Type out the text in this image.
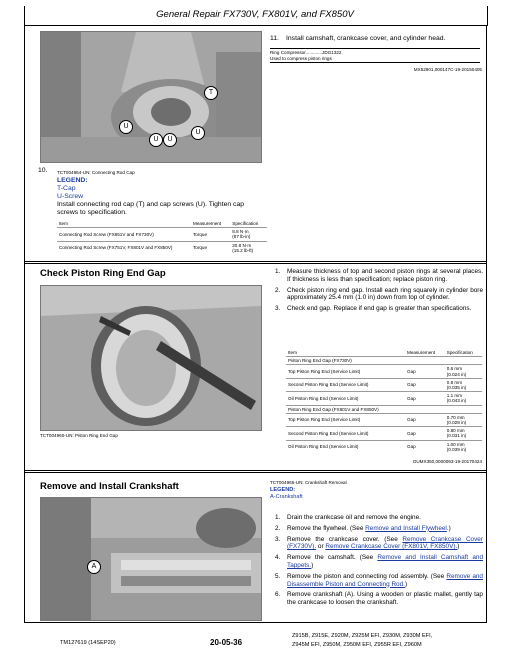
General Repair FX730V, FX801V, and FX850V
T
U
U	U
U
10. TCT004964-UN: Connecting Rod Cap
LEGEND:
T-Cap
U-Screw
Install connecting rod cap (T) and cap screws (U). Tighten cap screws to specification.
Item	Measurement	Specification
Connecting Rod Screw (FX851V and FX730V)	Torque	8.8 N·m
(87 lb-in)

Connecting Rod Screw (FX751V, FX801V and FX850V)	Torque	20.8 N·m
(15.2 lb-ft)
11. Install camshaft, crankcase cover, and cylinder head.
Ring Compressor.............JDG1322
Used to compress piston rings
MX52901,000147C-19-20150405
Check Piston Ring End Gap
TCT004960-UN: Piston Ring End Gap
1.	Measure thickness of top and second piston rings at several places. If thickness is less than specification; replace piston ring.
2.	Check piston ring end gap. Install each ring squarely in cylinder bore approximately 25.4 mm (1.0 in) down from top of cylinder.
3.	Check end gap. Replace if end gap is greater than specifications.
Item	Measurement	Specification
Piston Ring End Gap (FX730V)		
Top Piston Ring End (Service Limit)	Gap	0.6 mm
(0.024 in)

Second Piston Ring End (Service Limit)	Gap	0.8 mm
(0.035 in)

Oil Piston Ring End (Service Limit)	Gap	1.1 mm
(0.043 in)

Piston Ring End Gap (FX801V and FX850V)		
Top Piston Ring End (Service Limit)	Gap	0.70 mm
(0.028 in)

Second Piston Ring End (Service Limit)	Gap	0.80 mm
(0.031 in)

Oil Piston Ring End (Service Limit)	Gap	1.00 mm
(0.039 in)
OUMX350,0000093-19-20170424
Remove and Install Crankshaft
A
TCT004965-UN: Crankshaft Removal
LEGEND:
A-Crankshaft
1.	Drain the crankcase oil and remove the engine.
2.	Remove the flywheel. (See Remove and Install Flywheel.)
3.	Remove the crankcase cover. (See Remove Crankcase Cover (FX730V). or Remove Crankcase Cover (FX801V, FX850V).)
4.	Remove the camshaft. (See Remove and Install Camshaft and Tappets.)
5.	Remove the piston and connecting rod assembly. (See Remove and Disassemble Piston and Connecting Rod.)
6.	Remove crankshaft (A). Using a wooden or plastic mallet, gently tap the crankcase to loosen the crankshaft.
TM127619 (14SEP20)	20-05-36
Z915B, Z915E, Z920M, Z925M EFI, Z930M, Z930M EFI,
Z945M EFI, Z950M, Z950M EFI, Z955R EFI, Z960M
